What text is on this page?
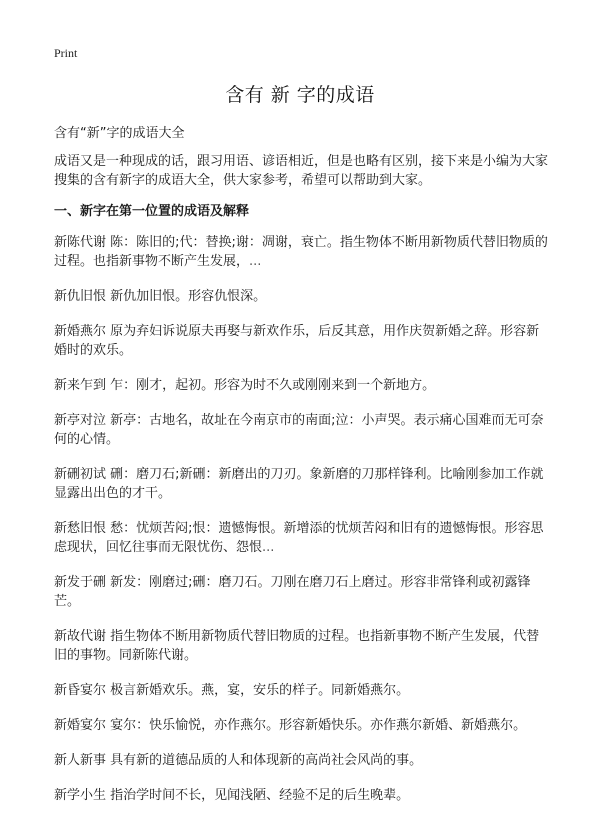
Print
含有 新 字的成语

含有“新”字的成语大全

成语又是一种现成的话，跟习用语、谚语相近，但是也略有区别，接下来是小编为大家搜集的含有新字的成语大全，供大家参考，希望可以帮助到大家。

一、新字在第一位置的成语及解释

新陈代谢 陈：陈旧的;代：替换;谢：凋谢，衰亡。指生物体不断用新物质代替旧物质的过程。也指新事物不断产生发展，...
新仇旧恨 新仇加旧恨。形容仇恨深。
新婚燕尔 原为弃妇诉说原夫再娶与新欢作乐，后反其意，用作庆贺新婚之辞。形容新婚时的欢乐。
新来乍到 乍：刚才，起初。形容为时不久或刚刚来到一个新地方。
新亭对泣 新亭：古地名，故址在今南京市的南面;泣：小声哭。表示痛心国难而无可奈何的心情。
新硎初试 硎：磨刀石;新硎：新磨出的刀刃。象新磨的刀那样锋利。比喻刚参加工作就显露出出色的才干。
新愁旧恨 愁：忧烦苦闷;恨：遗憾悔恨。新增添的忧烦苦闷和旧有的遗憾悔恨。形容思虑现状，回忆往事而无限忧伤、怨恨...
新发于硎 新发：刚磨过;硎：磨刀石。刀刚在磨刀石上磨过。形容非常锋利或初露锋芒。
新故代谢 指生物体不断用新物质代替旧物质的过程。也指新事物不断产生发展，代替旧的事物。同新陈代谢。
新昏宴尔 极言新婚欢乐。燕，宴，安乐的样子。同新婚燕尔。
新婚宴尔 宴尔：快乐愉悦，亦作燕尔。形容新婚快乐。亦作燕尔新婚、新婚燕尔。
新人新事 具有新的道德品质的人和体现新的高尚社会风尚的事。
新学小生 指治学时间不长，见闻浅陋、经验不足的后生晚辈。
